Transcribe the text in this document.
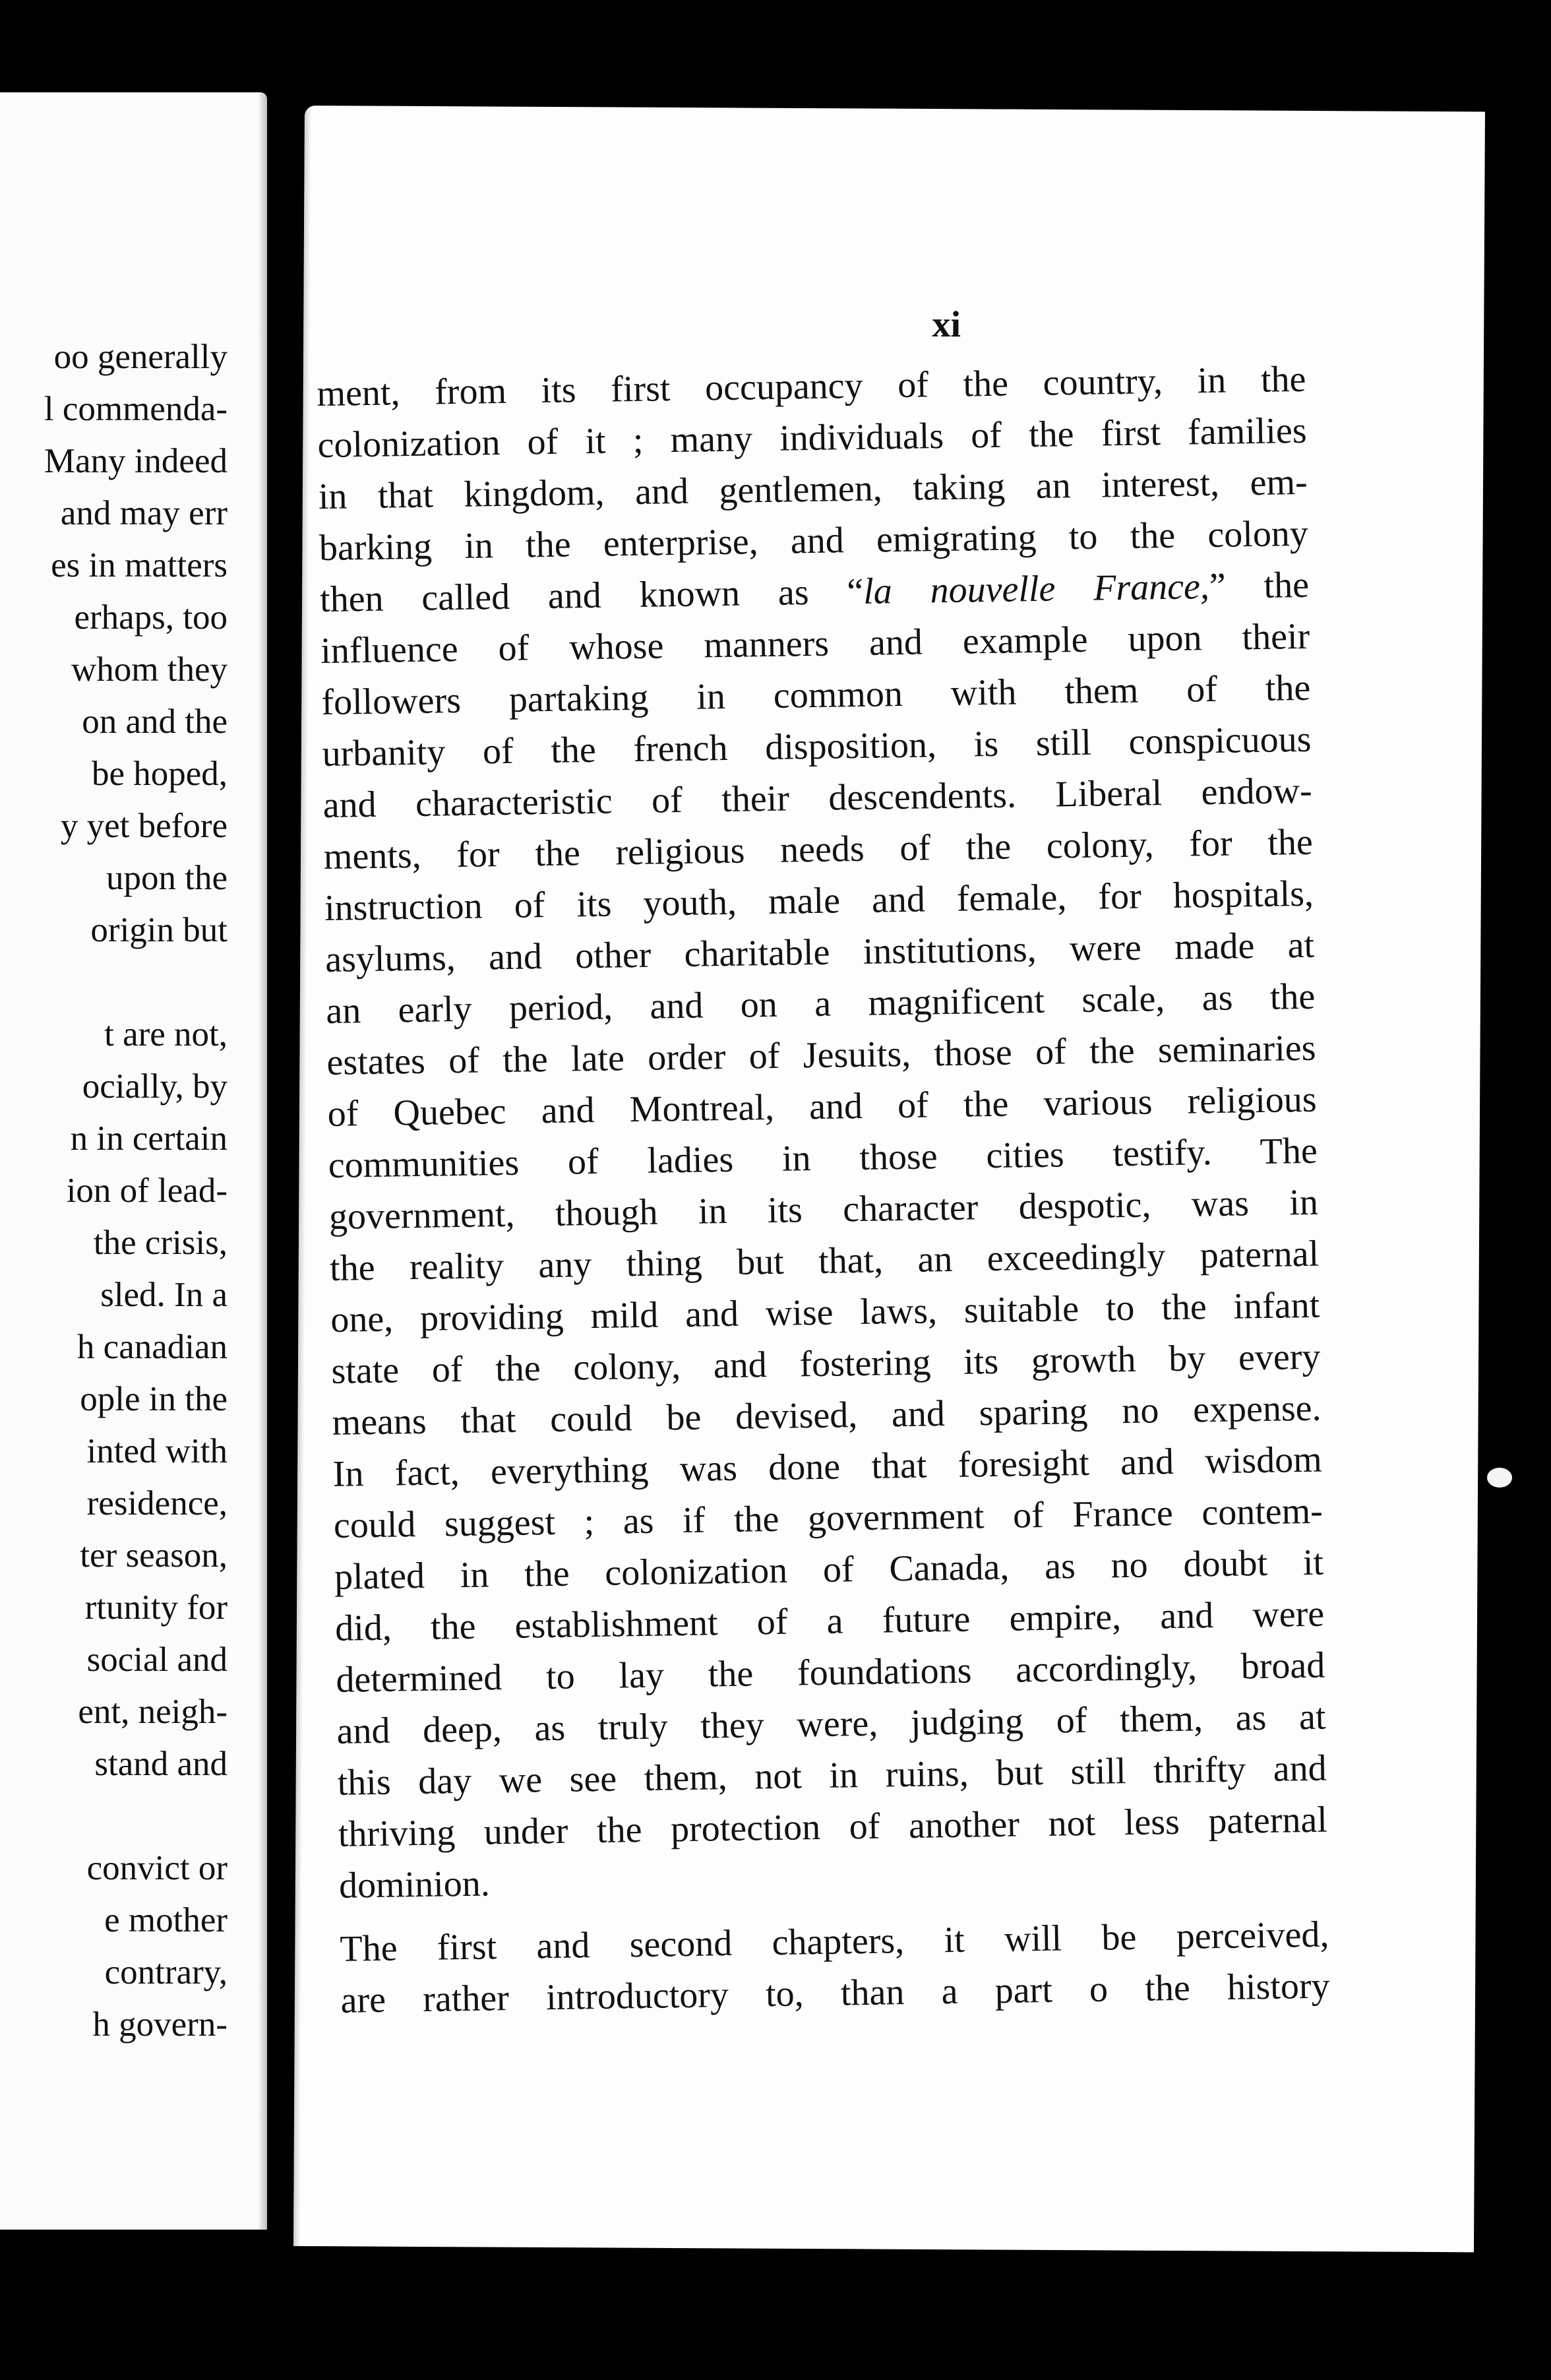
oo generally
l commenda-
Many indeed
and may err
es in matters
erhaps, too
whom they
on and the
be hoped,
y yet before
upon the
origin but
t are not,
ocially, by
n in certain
ion of lead-
the crisis,
sled. In a
h canadian
ople in the
inted with
residence,
ter season,
rtunity for
social and
ent, neigh-
stand and
convict or
e mother
contrary,
h govern-
xi
ment, from its first occupancy of the country, in the
colonization of it ; many individuals of the first families
in that kingdom, and gentlemen, taking an interest, em-
barking in the enterprise, and emigrating to the colony
then called and known as “la nouvelle France,” the
influence of whose manners and example upon their
followers partaking in common with them of the
urbanity of the french disposition, is still conspicuous
and characteristic of their descendents. Liberal endow-
ments, for the religious needs of the colony, for the
instruction of its youth, male and female, for hospitals,
asylums, and other charitable institutions, were made at
an early period, and on a magnificent scale, as the
estates of the late order of Jesuits, those of the seminaries
of Quebec and Montreal, and of the various religious
communities of ladies in those cities testify. The
government, though in its character despotic, was in
the reality any thing but that, an exceedingly paternal
one, providing mild and wise laws, suitable to the infant
state of the colony, and fostering its growth by every
means that could be devised, and sparing no expense.
In fact, everything was done that foresight and wisdom
could suggest ; as if the government of France contem-
plated in the colonization of Canada, as no doubt it
did, the establishment of a future empire, and were
determined to lay the foundations accordingly, broad
and deep, as truly they were, judging of them, as at
this day we see them, not in ruins, but still thrifty and
thriving under the protection of another not less paternal
dominion.
The first and second chapters, it will be perceived,
are rather introductory to, than a part o the history
